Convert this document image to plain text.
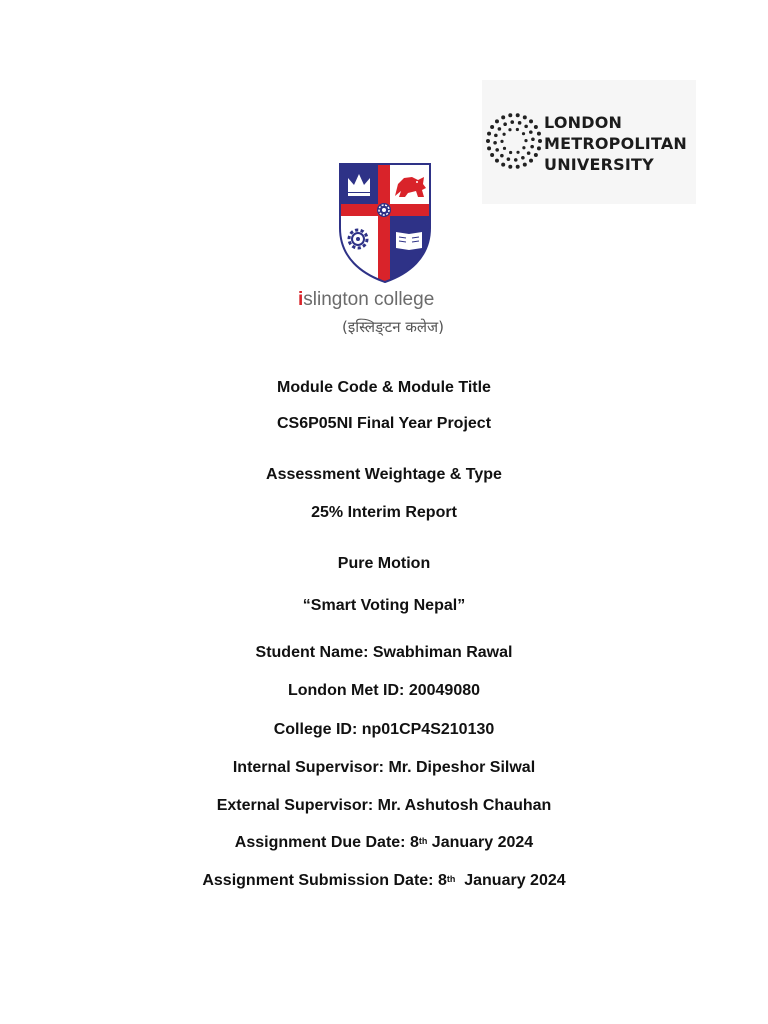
LONDON
METROPOLITAN
UNIVERSITY
islington college
(इस्लिङ्टन कलेज)
Module Code & Module Title
CS6P05NI Final Year Project
Assessment Weightage & Type
25% Interim Report
Pure Motion
“Smart Voting Nepal”
Student Name: Swabhiman Rawal
London Met ID: 20049080
College ID: np01CP4S210130
Internal Supervisor: Mr. Dipeshor Silwal
External Supervisor: Mr. Ashutosh Chauhan
Assignment Due Date: 8th January 2024
Assignment Submission Date: 8th  January 2024
